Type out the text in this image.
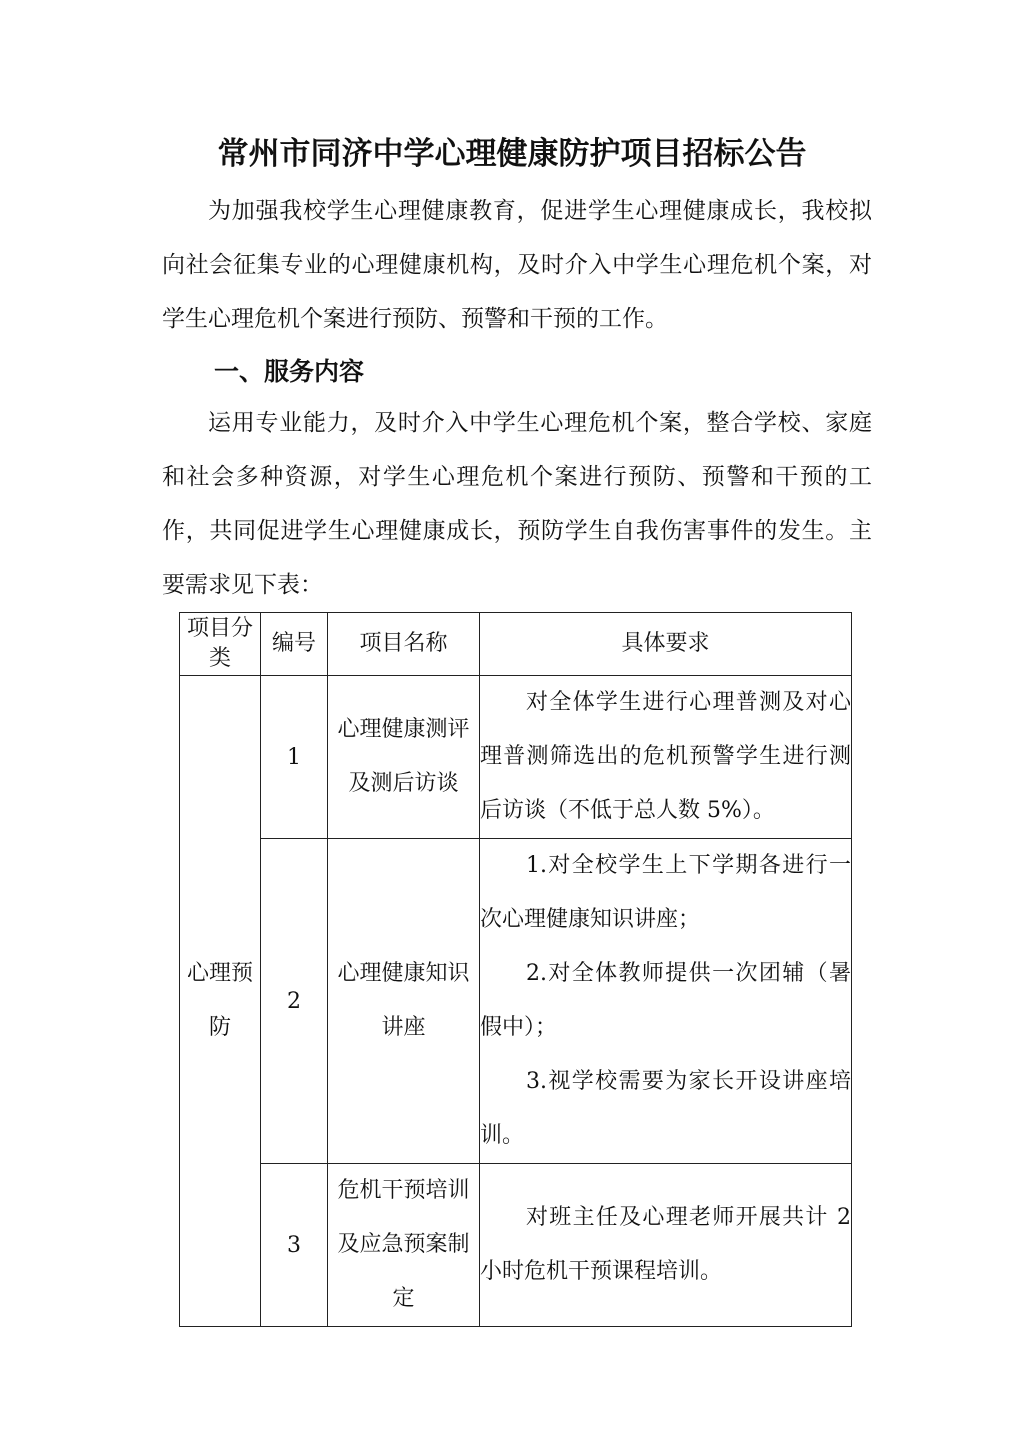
常州市同济中学心理健康防护项目招标公告

为加强我校学生心理健康教育，促进学生心理健康成长，我校拟向社会征集专业的心理健康机构，及时介入中学生心理危机个案，对学生心理危机个案进行预防、预警和干预的工作。

一、服务内容

运用专业能力，及时介入中学生心理危机个案，整合学校、家庭和社会多种资源，对学生心理危机个案进行预防、预警和干预的工作，共同促进学生心理健康成长，预防学生自我伤害事件的发生。主要需求见下表：

项目分类	编号	项目名称	具体要求
心理预防	1	心理健康测评及测后访谈	对全体学生进行心理普测及对心理普测筛选出的危机预警学生进行测后访谈（不低于总人数 5%）。

	2	心理健康知识讲座	1.对全校学生上下学期各进行一次心理健康知识讲座；
2.对全体教师提供一次团辅（暑假中）；
3.视学校需要为家长开设讲座培训。

	3	危机干预培训及应急预案制定	对班主任及心理老师开展共计 2 小时危机干预课程培训。
